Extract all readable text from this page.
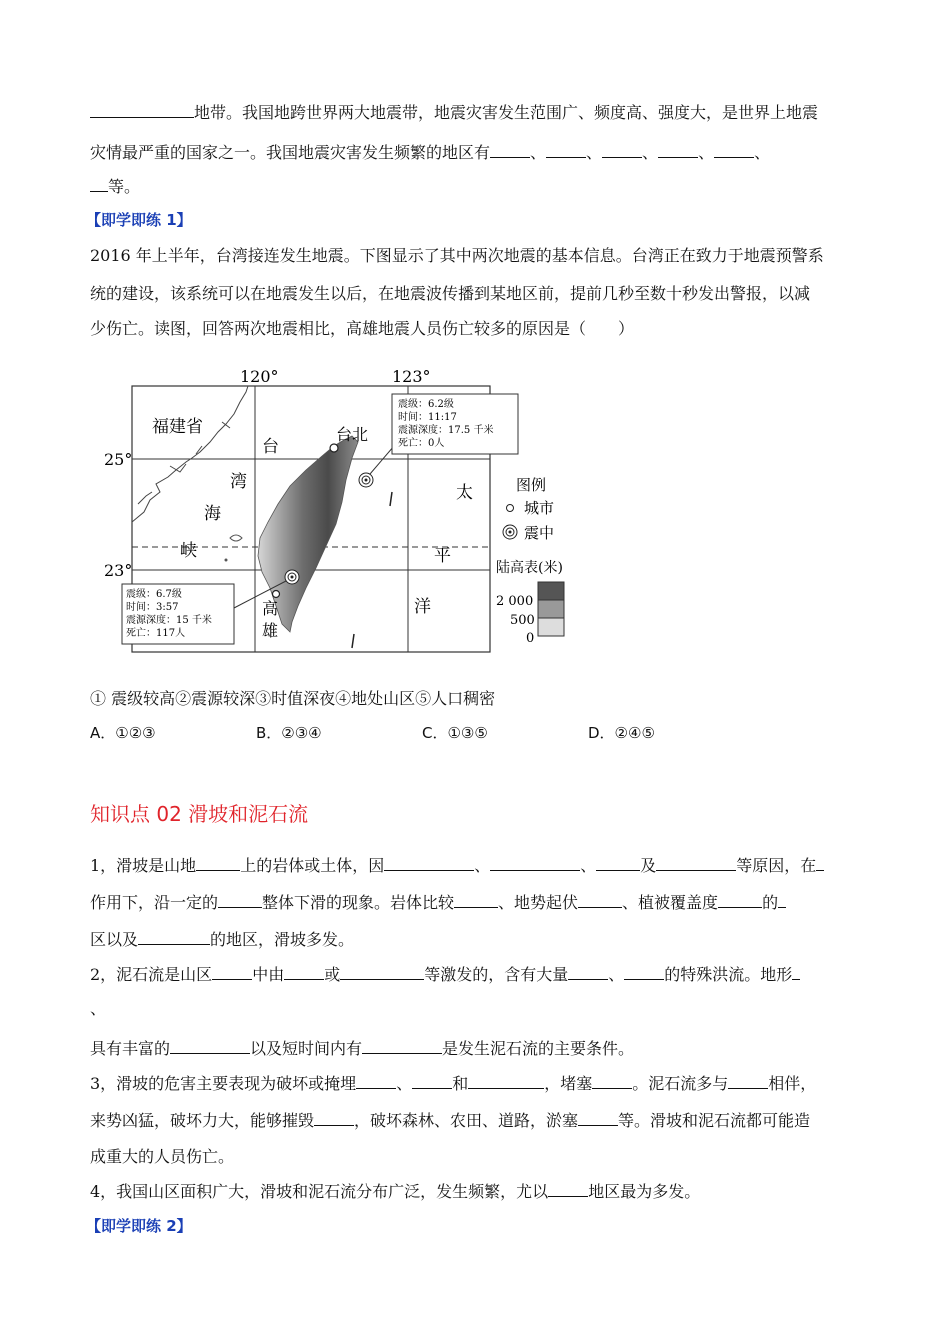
地带。我国地跨世界两大地震带，地震灾害发生范围广、频度高、强度大，是世界上地震
灾情最严重的国家之一。我国地震灾害发生频繁的地区有	、	、	、	、	、
等。
【即学即练 1】
2016 年上半年，台湾接连发生地震。下图显示了其中两次地震的基本信息。台湾正在致力于地震预警系
统的建设，该系统可以在地震发生以后，在地震波传播到某地区前，提前几秒至数十秒发出警报，以减
少伤亡。读图，回答两次地震相比，高雄地震人员伤亡较多的原因是（　　）
120°	123°
25°
23°
福建省
台
湾
海
峡
太
平
洋
台北
震级：6.2级
时间：11:17
震源深度：17.5 千米
死亡：0人
震级：6.7级
时间：3:57
震源深度：15 千米
死亡：117人
高
雄
图例
城市
震中
陆高表(米)
2 000
500
0
① 震级较高②震源较深③时值深夜④地处山区⑤人口稠密
A．①②③	B．②③④	C．①③⑤	D．②④⑤
知识点 02 滑坡和泥石流
1，滑坡是山地	上的岩体或土体，因	、	、	及	等原因，在
作用下，沿一定的	整体下滑的现象。岩体比较	、地势起伏	、植被覆盖度	的
区以及	的地区，滑坡多发。
2，泥石流是山区	中由	或	等激发的，含有大量	、	的特殊洪流。地形
、
具有丰富的	以及短时间内有	是发生泥石流的主要条件。
3，滑坡的危害主要表现为破坏或掩埋	、	和	，堵塞	。泥石流多与	相伴，
来势凶猛，破坏力大，能够摧毁	，破坏森林、农田、道路，淤塞	等。滑坡和泥石流都可能造
成重大的人员伤亡。
4，我国山区面积广大，滑坡和泥石流分布广泛，发生频繁，尤以	地区最为多发。
【即学即练 2】
